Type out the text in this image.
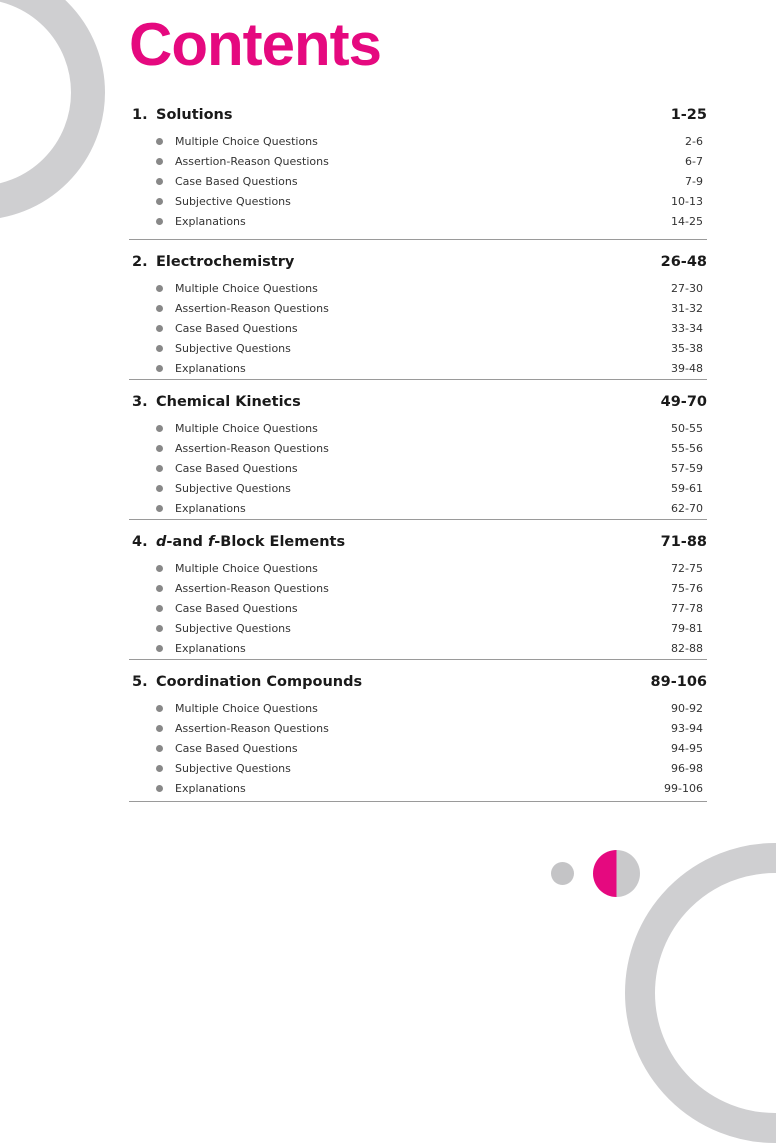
Contents
1. Solutions	1-25
Multiple Choice Questions	2-6
Assertion-Reason Questions	6-7
Case Based Questions	7-9
Subjective Questions	10-13
Explanations	14-25
2. Electrochemistry	26-48
Multiple Choice Questions	27-30
Assertion-Reason Questions	31-32
Case Based Questions	33-34
Subjective Questions	35-38
Explanations	39-48
3. Chemical Kinetics	49-70
Multiple Choice Questions	50-55
Assertion-Reason Questions	55-56
Case Based Questions	57-59
Subjective Questions	59-61
Explanations	62-70
4. d-and f-Block Elements	71-88
Multiple Choice Questions	72-75
Assertion-Reason Questions	75-76
Case Based Questions	77-78
Subjective Questions	79-81
Explanations	82-88
5. Coordination Compounds	89-106
Multiple Choice Questions	90-92
Assertion-Reason Questions	93-94
Case Based Questions	94-95
Subjective Questions	96-98
Explanations	99-106
